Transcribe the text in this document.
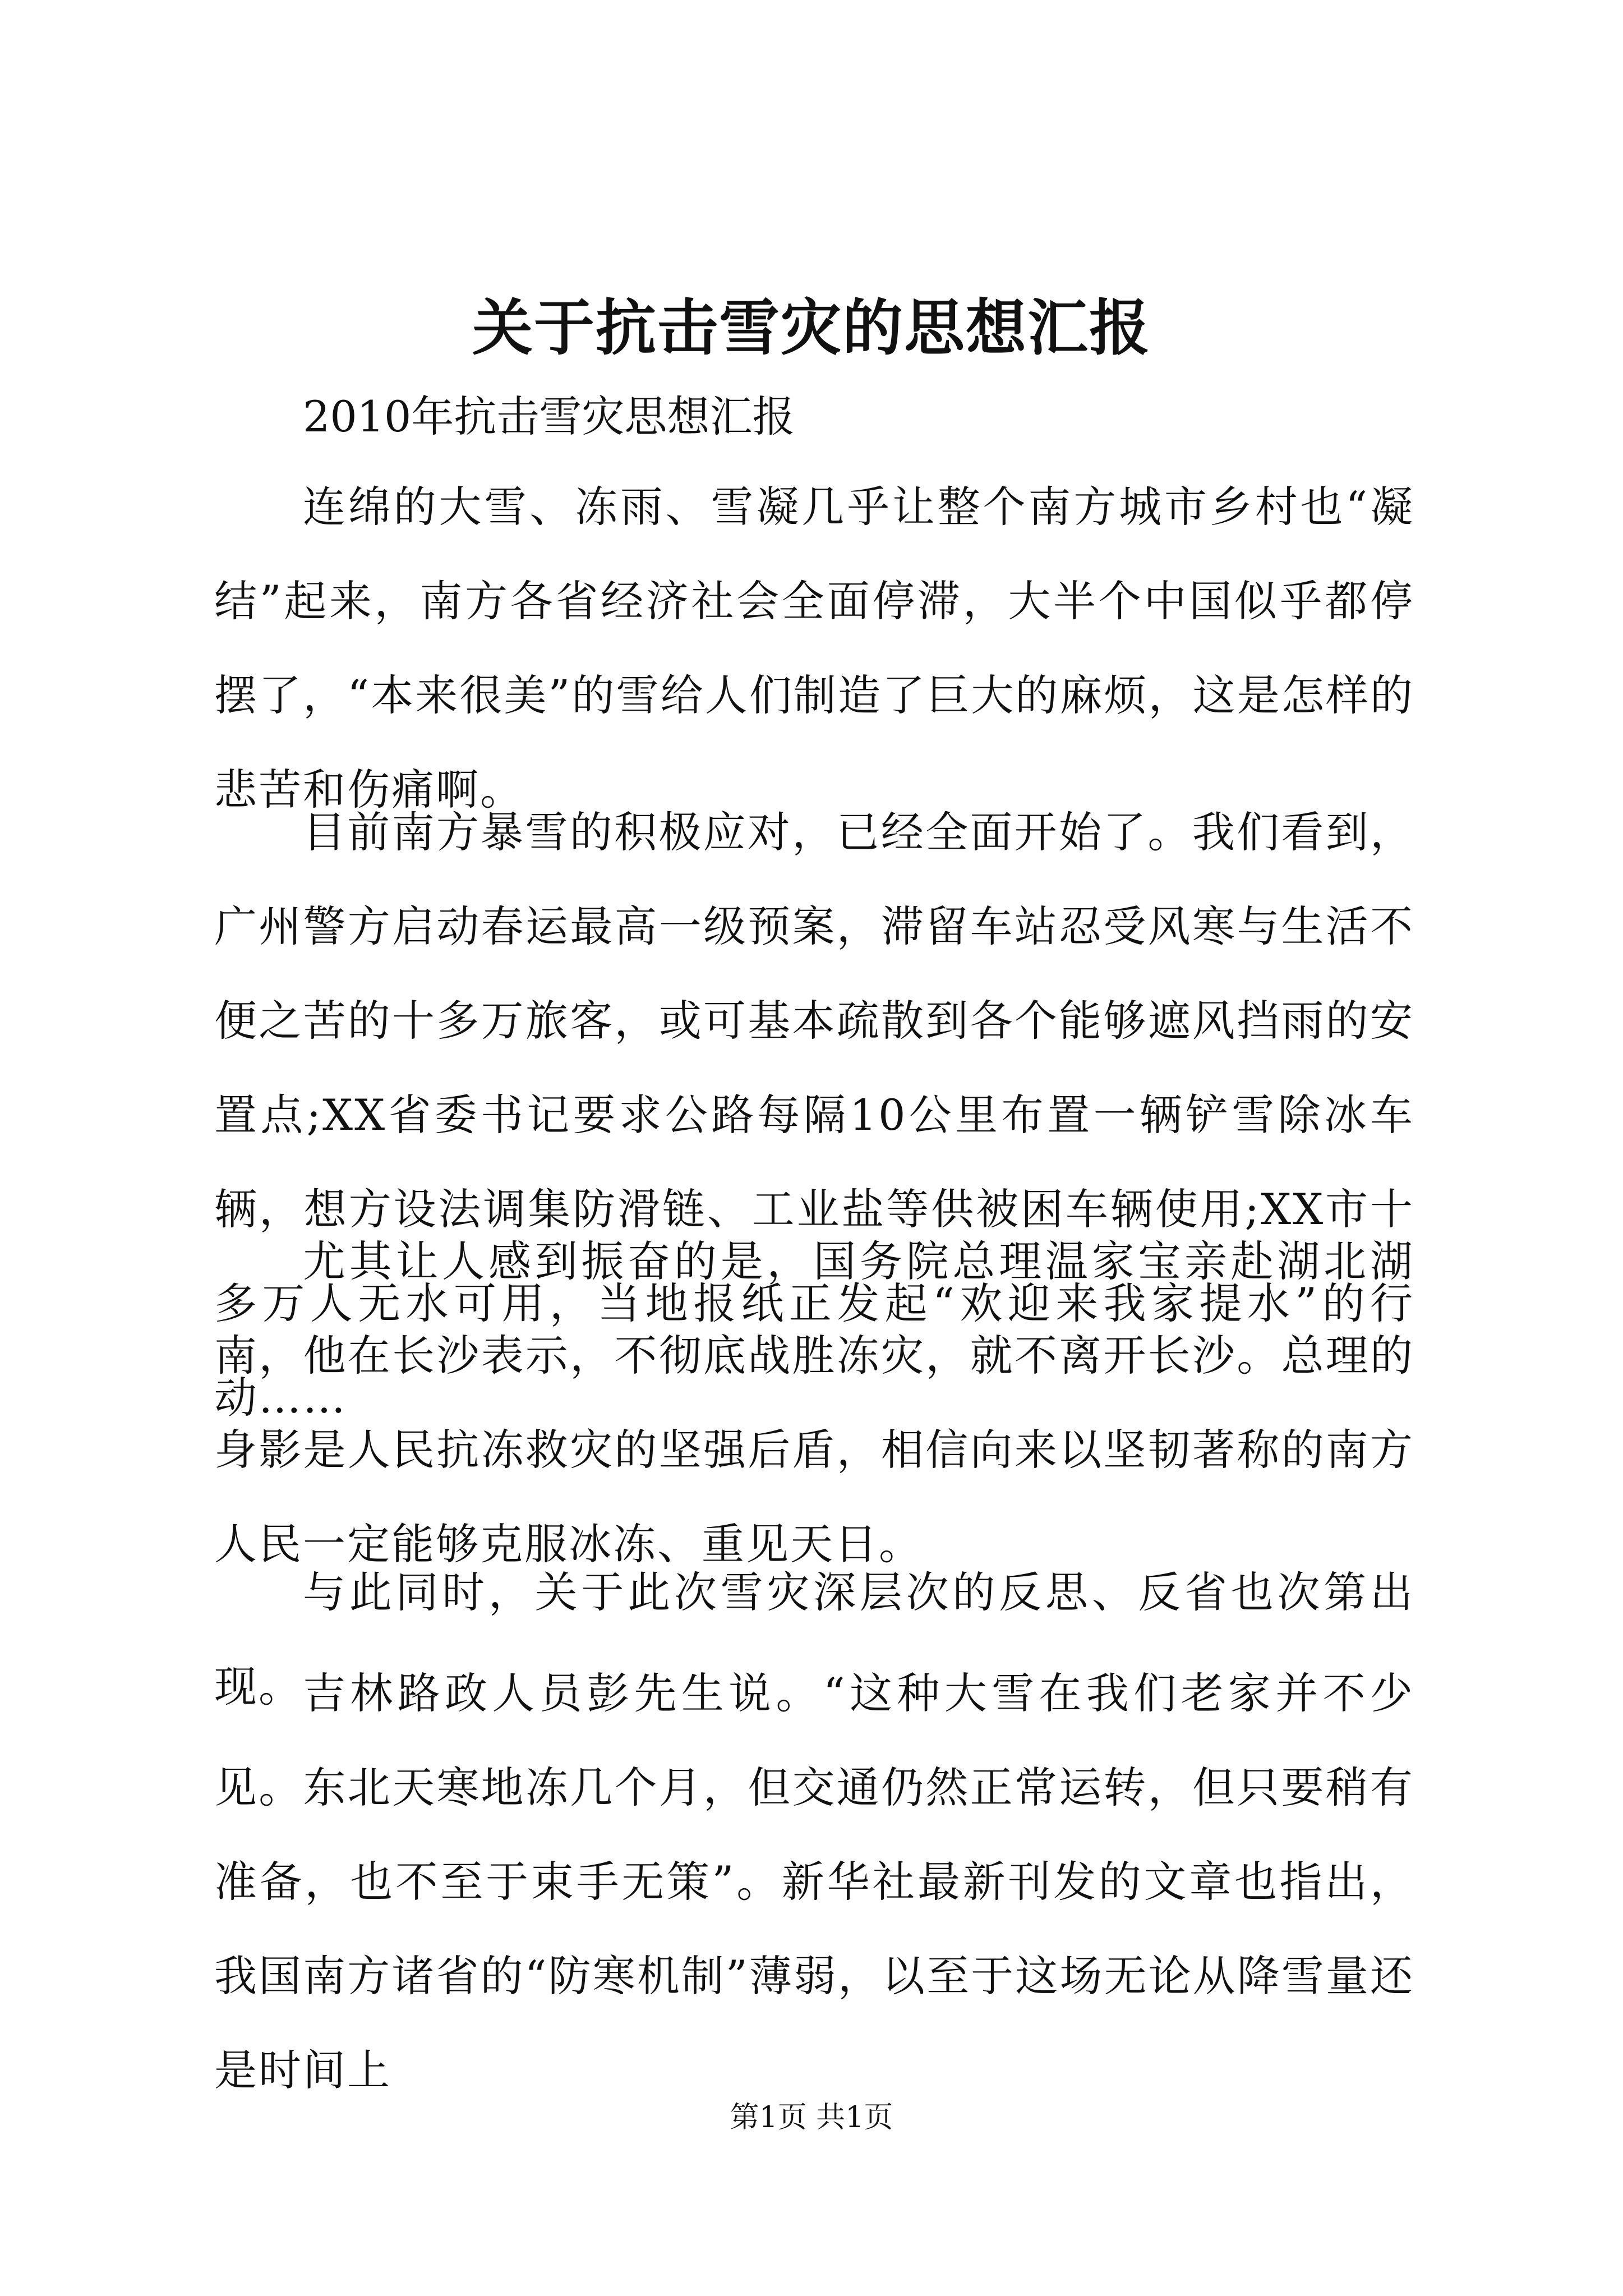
关于抗击雪灾的思想汇报

2010年抗击雪灾思想汇报

连绵的大雪、冻雨、雪凝几乎让整个南方城市乡村也“凝结”起来，南方各省经济社会全面停滞，大半个中国似乎都停摆了，“本来很美”的雪给人们制造了巨大的麻烦，这是怎样的悲苦和伤痛啊。

目前南方暴雪的积极应对，已经全面开始了。我们看到，广州警方启动春运最高一级预案，滞留车站忍受风寒与生活不便之苦的十多万旅客，或可基本疏散到各个能够遮风挡雨的安置点;XX省委书记要求公路每隔10公里布置一辆铲雪除冰车辆，想方设法调集防滑链、工业盐等供被困车辆使用;XX市十多万人无水可用，当地报纸正发起“欢迎来我家提水”的行动……

尤其让人感到振奋的是，国务院总理温家宝亲赴湖北湖南，他在长沙表示，不彻底战胜冻灾，就不离开长沙。总理的身影是人民抗冻救灾的坚强后盾，相信向来以坚韧著称的南方人民一定能够克服冰冻、重见天日。

与此同时，关于此次雪灾深层次的反思、反省也次第出现。 吉林路政人员彭先生说。“这种大雪在我们老家并不少见。东北天寒地冻几个月，但交通仍然正常运转，但只要稍有准备，也不至于束手无策”。新华社最新刊发的文章也指出，我国南方诸省的“防寒机制”薄弱，以至于这场无论从降雪量还是时间上

第1页 共1页
